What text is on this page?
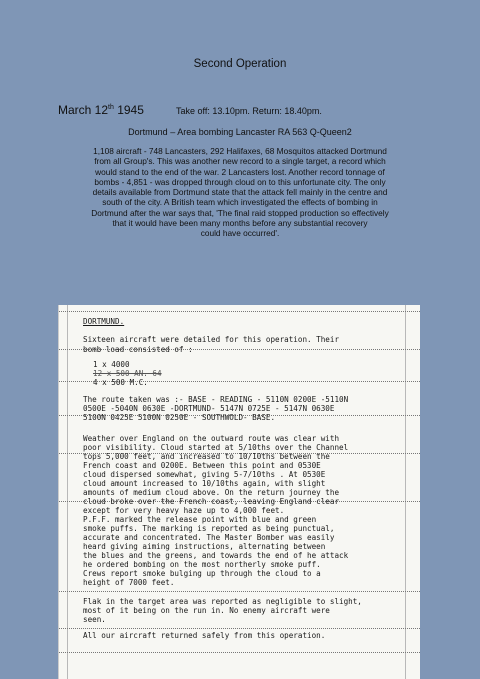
Second Operation
March 12th 1945	Take off: 13.10pm. Return: 18.40pm.
Dortmund – Area bombing Lancaster RA 563 Q-Queen2
1,108 aircraft - 748 Lancasters, 292 Halifaxes, 68 Mosquitos attacked Dortmund
from all Group's. This was another new record to a single target, a record which
would stand to the end of the war. 2 Lancasters lost. Another record tonnage of
bombs - 4,851 - was dropped through cloud on to this unfortunate city. The only
details available from Dortmund state that the attack fell mainly in the centre and
south of the city. A British team which investigated the effects of bombing in
Dortmund after the war says that, 'The final raid stopped production so effectively
that it would have been many months before any substantial recovery
could have occurred'.
DORTMUND.
Sixteen aircraft were detailed for this operation. Their
bomb load consisted of :
1 x 4000
12 x 500 AN. 64
4 x 500 M.C.
The route taken was :- BASE - READING - 5110N 0200E -5110N
0500E -5040N 0630E -DORTMUND- 5147N 0725E - 5147N 0630E
5100N 0425E 5100N 0250E - SOUTHWOLD- BASE.
Weather over England on the outward route was clear with
poor visibility. Cloud started at 5/10ths over the Channel
tops 5,000 feet, and increased to 10/10ths between the
French coast and 0200E. Between this point and 0530E
cloud dispersed somewhat, giving 5-7/10ths . At 0530E
cloud amount increased to 10/10ths again, with slight
amounts of medium cloud above. On the return journey the
cloud broke over the French coast, leaving England clear
except for very heavy haze up to 4,000 feet.
P.F.F. marked the release point with blue and green
smoke puffs. The marking is reported as being punctual,
accurate and concentrated. The Master Bomber was easily
heard giving aiming instructions, alternating between
the blues and the greens, and towards the end of he attack
he ordered bombing on the most northerly smoke puff.
Crews report smoke bulging up through the cloud to a
height of 7000 feet.
Flak in the target area was reported as negligible to slight,
most of it being on the run in. No enemy aircraft were
seen.
All our aircraft returned safely from this operation.
